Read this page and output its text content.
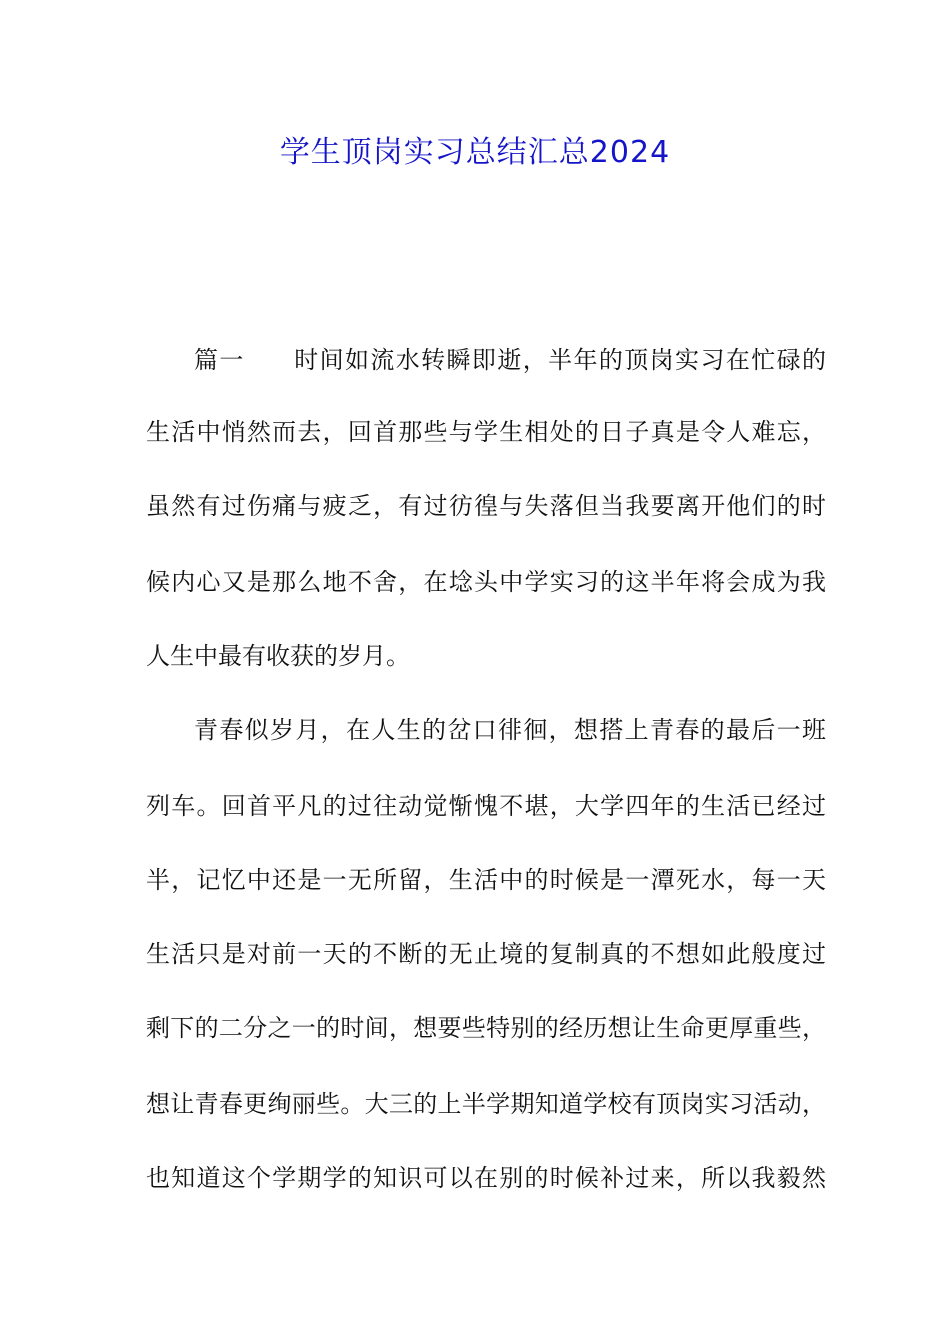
学生顶岗实习总结汇总2024
篇一 时间如流水转瞬即逝，半年的顶岗实习在忙碌的
生活中悄然而去，回首那些与学生相处的日子真是令人难忘，
虽然有过伤痛与疲乏，有过彷徨与失落但当我要离开他们的时
候内心又是那么地不舍，在埝头中学实习的这半年将会成为我
人生中最有收获的岁月。
青春似岁月，在人生的岔口徘徊，想搭上青春的最后一班
列车。回首平凡的过往动觉惭愧不堪，大学四年的生活已经过
半，记忆中还是一无所留，生活中的时候是一潭死水，每一天
生活只是对前一天的不断的无止境的复制真的不想如此般度过
剩下的二分之一的时间，想要些特别的经历想让生命更厚重些，
想让青春更绚丽些。大三的上半学期知道学校有顶岗实习活动，
也知道这个学期学的知识可以在别的时候补过来，所以我毅然
